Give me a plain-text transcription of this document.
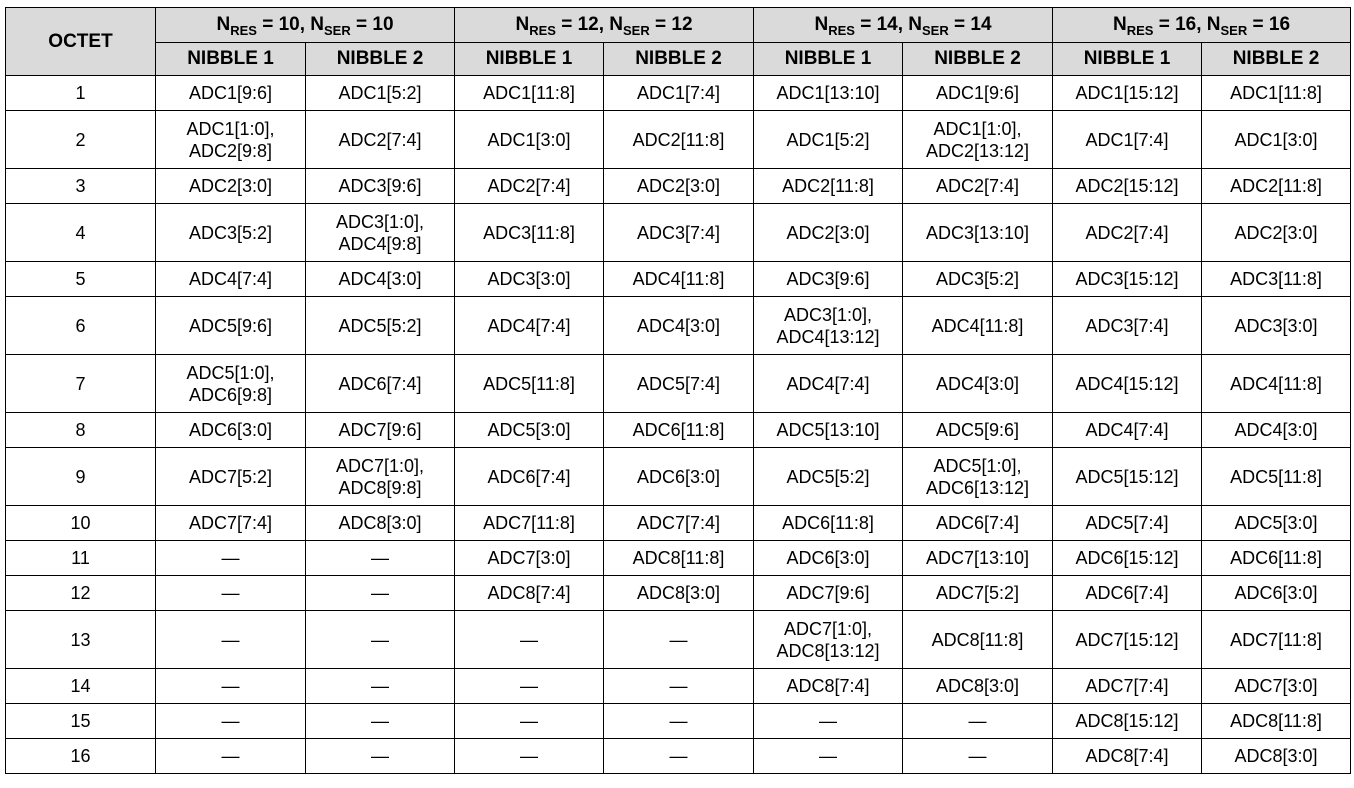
OCTET	$N_{RES} = 10$, $N_{SER} = 10$		$N_{RES} = 12$, $N_{SER} = 12$		$N_{RES} = 14$, $N_{SER} = 14$		$N_{RES} = 16$, $N_{SER} = 16$	
	NIBBLE 1	NIBBLE 2	NIBBLE 1	NIBBLE 2	NIBBLE 1	NIBBLE 2	NIBBLE 1	NIBBLE 2
1	ADC1[9:6]	ADC1[5:2]	ADC1[11:8]	ADC1[7:4]	ADC1[13:10]	ADC1[9:6]	ADC1[15:12]	ADC1[11:8]

2	ADC1[1:0],
ADC2[9:8]	ADC2[7:4]	ADC1[3:0]	ADC2[11:8]	ADC1[5:2]	ADC1[1:0],
ADC2[13:12]	ADC1[7:4]	ADC1[3:0]

3	ADC2[3:0]	ADC3[9:6]	ADC2[7:4]	ADC2[3:0]	ADC2[11:8]	ADC2[7:4]	ADC2[15:12]	ADC2[11:8]

4	ADC3[5:2]	ADC3[1:0],
ADC4[9:8]	ADC3[11:8]	ADC3[7:4]	ADC2[3:0]	ADC3[13:10]	ADC2[7:4]	ADC2[3:0]

5	ADC4[7:4]	ADC4[3:0]	ADC3[3:0]	ADC4[11:8]	ADC3[9:6]	ADC3[5:2]	ADC3[15:12]	ADC3[11:8]

6	ADC5[9:6]	ADC5[5:2]	ADC4[7:4]	ADC4[3:0]	ADC3[1:0],
ADC4[13:12]	ADC4[11:8]	ADC3[7:4]	ADC3[3:0]

7	ADC5[1:0],
ADC6[9:8]	ADC6[7:4]	ADC5[11:8]	ADC5[7:4]	ADC4[7:4]	ADC4[3:0]	ADC4[15:12]	ADC4[11:8]

8	ADC6[3:0]	ADC7[9:6]	ADC5[3:0]	ADC6[11:8]	ADC5[13:10]	ADC5[9:6]	ADC4[7:4]	ADC4[3:0]

9	ADC7[5:2]	ADC7[1:0],
ADC8[9:8]	ADC6[7:4]	ADC6[3:0]	ADC5[5:2]	ADC5[1:0],
ADC6[13:12]	ADC5[15:12]	ADC5[11:8]

10	ADC7[7:4]	ADC8[3:0]	ADC7[11:8]	ADC7[7:4]	ADC6[11:8]	ADC6[7:4]	ADC5[7:4]	ADC5[3:0]

11	—	—	ADC7[3:0]	ADC8[11:8]	ADC6[3:0]	ADC7[13:10]	ADC6[15:12]	ADC6[11:8]

12	—	—	ADC8[7:4]	ADC8[3:0]	ADC7[9:6]	ADC7[5:2]	ADC6[7:4]	ADC6[3:0]

13	—	—	—	—	ADC7[1:0],
ADC8[13:12]	ADC8[11:8]	ADC7[15:12]	ADC7[11:8]

14	—	—	—	—	ADC8[7:4]	ADC8[3:0]	ADC7[7:4]	ADC7[3:0]

15	—	—	—	—	—	—	ADC8[15:12]	ADC8[11:8]

16	—	—	—	—	—	—	ADC8[7:4]	ADC8[3:0]
